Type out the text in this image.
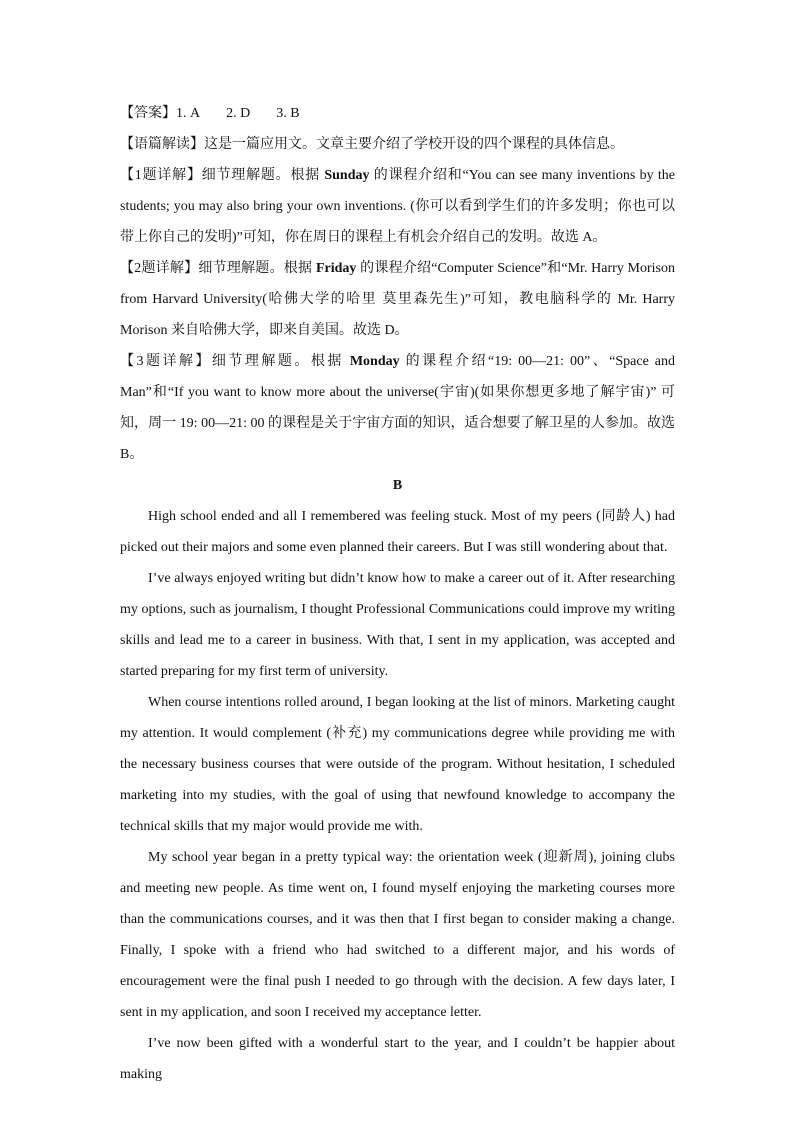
【答案】1. A 2. D 3. B

【语篇解读】这是一篇应用文。文章主要介绍了学校开设的四个课程的具体信息。

【1题详解】细节理解题。根据 Sunday 的课程介绍和“You can see many inventions by the students; you may also bring your own inventions. (你可以看到学生们的许多发明；你也可以带上你自己的发明)”可知，你在周日的课程上有机会介绍自己的发明。故选 A。

【2题详解】细节理解题。根据 Friday 的课程介绍“Computer Science”和“Mr. Harry Morison from Harvard University(哈佛大学的哈里 莫里森先生)”可知，教电脑科学的 Mr. Harry Morison 来自哈佛大学，即来自美国。故选 D。

【3题详解】细节理解题。根据 Monday 的课程介绍“19: 00—21: 00”、“Space and Man”和“If you want to know more about the universe(宇宙)(如果你想更多地了解宇宙)” 可知，周一 19: 00—21: 00 的课程是关于宇宙方面的知识，适合想要了解卫星的人参加。故选 B。

B

High school ended and all I remembered was feeling stuck. Most of my peers (同龄人) had picked out their majors and some even planned their careers. But I was still wondering about that.

I’ve always enjoyed writing but didn’t know how to make a career out of it. After researching my options, such as journalism, I thought Professional Communications could improve my writing skills and lead me to a career in business. With that, I sent in my application, was accepted and started preparing for my first term of university.

When course intentions rolled around, I began looking at the list of minors. Marketing caught my attention. It would complement (补充) my communications degree while providing me with the necessary business courses that were outside of the program. Without hesitation, I scheduled marketing into my studies, with the goal of using that newfound knowledge to accompany the technical skills that my major would provide me with.

My school year began in a pretty typical way: the orientation week (迎新周), joining clubs and meeting new people. As time went on, I found myself enjoying the marketing courses more than the communications courses, and it was then that I first began to consider making a change. Finally, I spoke with a friend who had switched to a different major, and his words of encouragement were the final push I needed to go through with the decision. A few days later, I sent in my application, and soon I received my acceptance letter.

I’ve now been gifted with a wonderful start to the year, and I couldn’t be happier about making
